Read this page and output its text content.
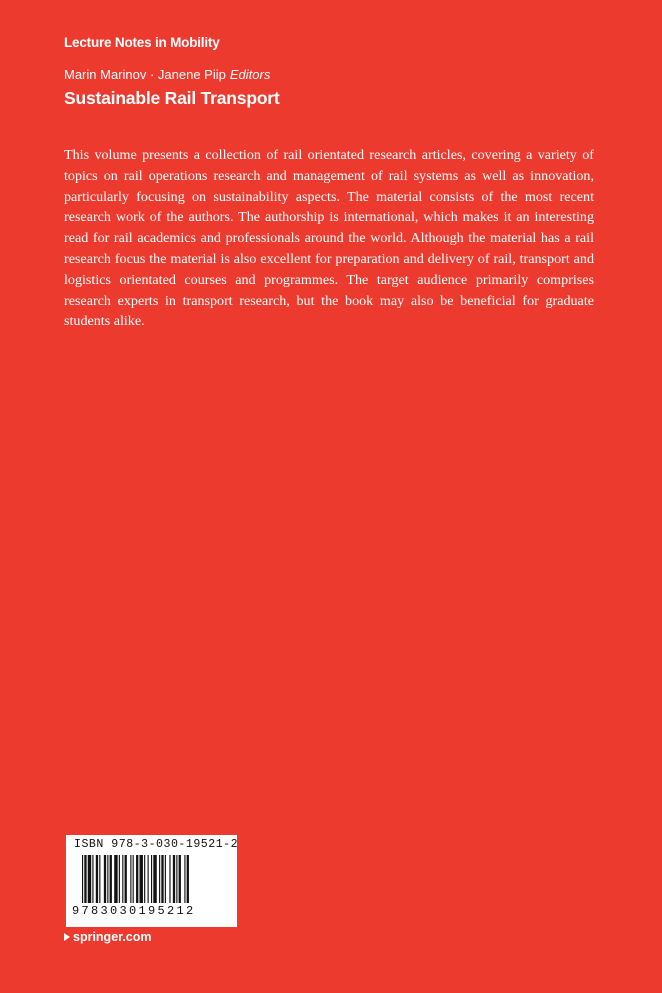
Lecture Notes in Mobility
Marin Marinov · Janene Piip Editors
Sustainable Rail Transport

This volume presents a collection of rail orientated research articles, covering a variety of topics on rail operations research and management of rail systems as well as innovation, particularly focusing on sustainability aspects. The material consists of the most recent research work of the authors. The authorship is international, which makes it an interesting read for rail academics and professionals around the world. Although the material has a rail research focus the material is also excellent for preparation and delivery of rail, transport and logistics orientated courses and programmes. The target audience primarily comprises research experts in transport research, but the book may also be beneficial for graduate students alike.

ISBN 978-3-030-19521-2
9783030195212
springer.com
